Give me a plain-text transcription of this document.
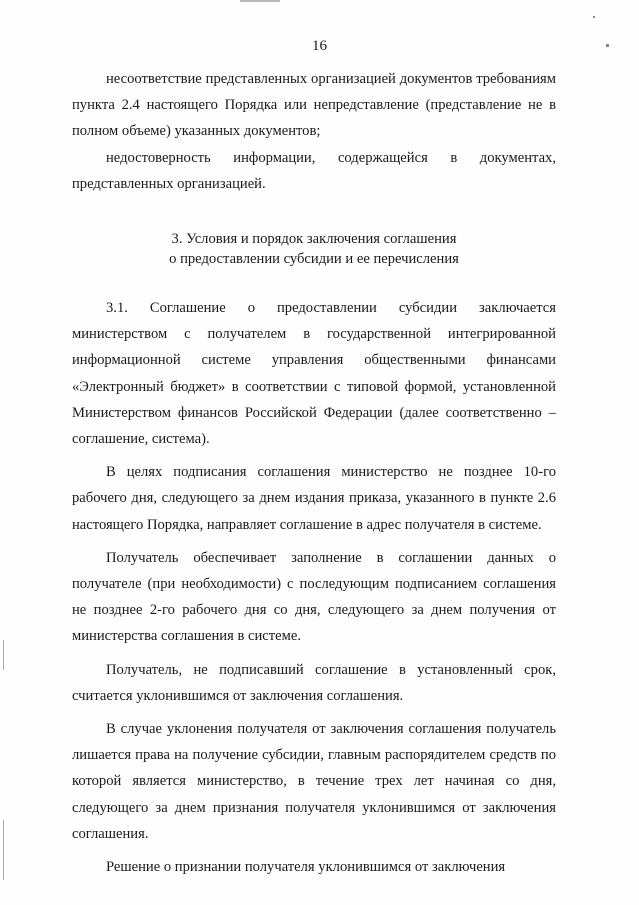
16

несоответствие представленных организацией документов требованиям пункта 2.4 настоящего Порядка или непредставление (представление не в полном объеме) указанных документов;

недостоверность информации, содержащейся в документах, представленных организацией.

3. Условия и порядок заключения соглашения
о предоставлении субсидии и ее перечисления

3.1. Соглашение о предоставлении субсидии заключается министерством с получателем в государственной интегрированной информационной системе управления общественными финансами «Электронный бюджет» в соответствии с типовой формой, установленной Министерством финансов Российской Федерации (далее соответственно – соглашение, система).

В целях подписания соглашения министерство не позднее 10-го рабочего дня, следующего за днем издания приказа, указанного в пункте 2.6 настоящего Порядка, направляет соглашение в адрес получателя в системе.

Получатель обеспечивает заполнение в соглашении данных о получателе (при необходимости) с последующим подписанием соглашения не позднее 2-го рабочего дня со дня, следующего за днем получения от министерства соглашения в системе.

Получатель, не подписавший соглашение в установленный срок, считается уклонившимся от заключения соглашения.

В случае уклонения получателя от заключения соглашения получатель лишается права на получение субсидии, главным распорядителем средств по которой является министерство, в течение трех лет начиная со дня, следующего за днем признания получателя уклонившимся от заключения соглашения.

Решение о признании получателя уклонившимся от заключения
